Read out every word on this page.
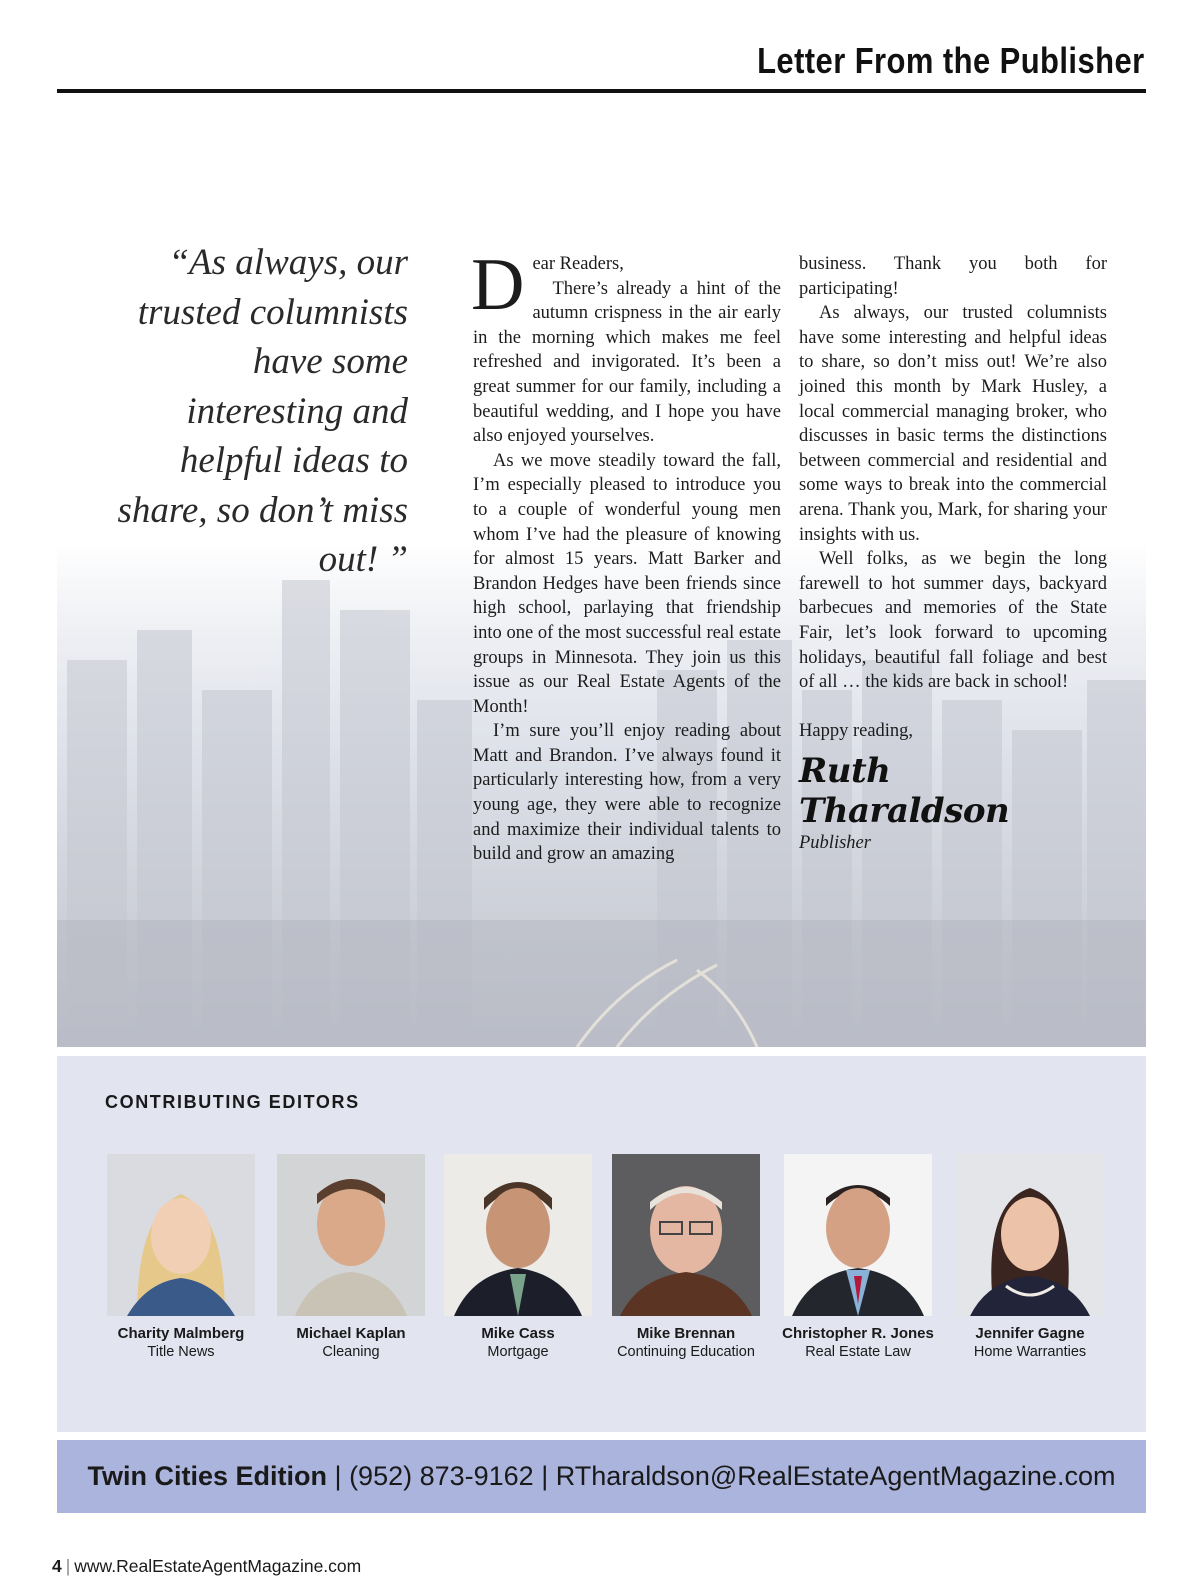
Letter From the Publisher
“As always, our trusted columnists have some interesting and helpful ideas to share, so don’t miss out! ”
D ear Readers,

There’s already a hint of the autumn crispness in the air early in the morning which makes me feel refreshed and invigorated. It’s been a great summer for our family, including a beautiful wedding, and I hope you have also enjoyed yourselves.

As we move steadily toward the fall, I’m especially pleased to introduce you to a couple of wonderful young men whom I’ve had the pleasure of knowing for almost 15 years. Matt Barker and Brandon Hedges have been friends since high school, parlaying that friendship into one of the most successful real estate groups in Minnesota. They join us this issue as our Real Estate Agents of the Month!

I’m sure you’ll enjoy reading about Matt and Brandon. I’ve always found it particularly interesting how, from a very young age, they were able to recognize and maximize their individual talents to build and grow an amazing

business. Thank you both for participating!

As always, our trusted columnists have some interesting and helpful ideas to share, so don’t miss out! We’re also joined this month by Mark Husley, a local commercial managing broker, who discusses in basic terms the distinctions between commercial and residential and some ways to break into the commercial arena. Thank you, Mark, for sharing your insights with us.

Well folks, as we begin the long farewell to hot summer days, backyard barbecues and memories of the State Fair, let’s look forward to upcoming holidays, beautiful fall foliage and best of all … the kids are back in school!

Happy reading,

Ruth Tharaldson

Publisher

CONTRIBUTING EDITORS
Charity Malmberg
Title News
Michael Kaplan
Cleaning
Mike Cass
Mortgage
Mike Brennan
Continuing Education
Christopher R. Jones
Real Estate Law
Jennifer Gagne
Home Warranties
Twin Cities Edition | (952) 873-9162 | RTharaldson@RealEstateAgentMagazine.com
4 | www.RealEstateAgentMagazine.com
